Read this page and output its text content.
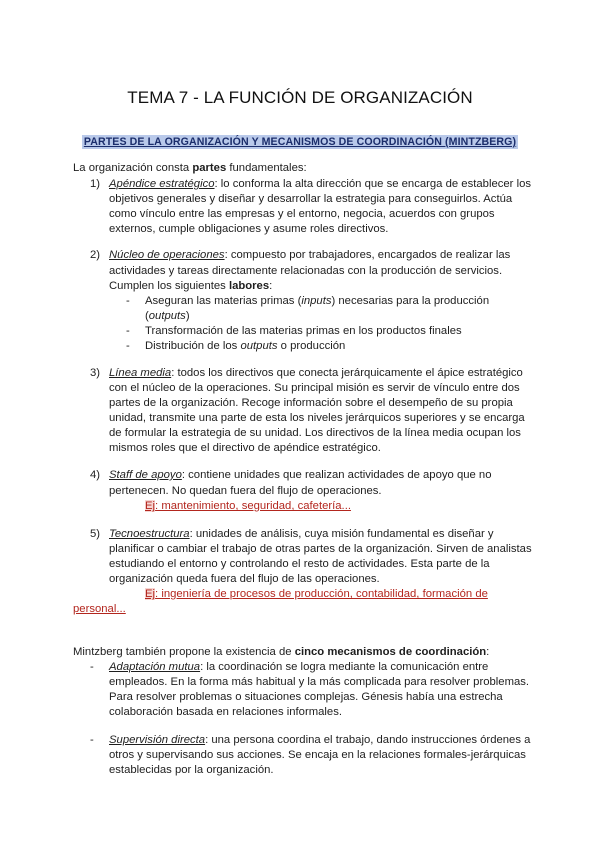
TEMA 7 - LA FUNCIÓN DE ORGANIZACIÓN
PARTES DE LA ORGANIZACIÓN Y MECANISMOS DE COORDINACIÓN (MINTZBERG)
La organización consta partes fundamentales:
1) Apéndice estratégico: lo conforma la alta dirección que se encarga de establecer los
objetivos generales y diseñar y desarrollar la estrategia para conseguirlos. Actúa
como vínculo entre las empresas y el entorno, negocia, acuerdos con grupos
externos, cumple obligaciones y asume roles directivos.
2) Núcleo de operaciones: compuesto por trabajadores, encargados de realizar las
actividades y tareas directamente relacionadas con la producción de servicios.
Cumplen los siguientes labores:
- Aseguran las materias primas (inputs) necesarias para la producción
(outputs)
- Transformación de las materias primas en los productos finales
- Distribución de los outputs o producción
3) Línea media: todos los directivos que conecta jerárquicamente el ápice estratégico
con el núcleo de la operaciones. Su principal misión es servir de vínculo entre dos
partes de la organización. Recoge información sobre el desempeño de su propia
unidad, transmite una parte de esta los niveles jerárquicos superiores y se encarga
de formular la estrategia de su unidad. Los directivos de la línea media ocupan los
mismos roles que el directivo de apéndice estratégico.
4) Staff de apoyo: contiene unidades que realizan actividades de apoyo que no
pertenecen. No quedan fuera del flujo de operaciones.
Ej: mantenimiento, seguridad, cafetería...
5) Tecnoestructura: unidades de análisis, cuya misión fundamental es diseñar y
planificar o cambiar el trabajo de otras partes de la organización. Sirven de analistas
estudiando el entorno y controlando el resto de actividades. Esta parte de la
organización queda fuera del flujo de las operaciones.
Ej: ingeniería de procesos de producción, contabilidad, formación de
personal...
Mintzberg también propone la existencia de cinco mecanismos de coordinación:
- Adaptación mutua: la coordinación se logra mediante la comunicación entre
empleados. En la forma más habitual y la más complicada para resolver problemas.
Para resolver problemas o situaciones complejas. Génesis había una estrecha
colaboración basada en relaciones informales.
- Supervisión directa: una persona coordina el trabajo, dando instrucciones órdenes a
otros y supervisando sus acciones. Se encaja en la relaciones formales-jerárquicas
establecidas por la organización.
